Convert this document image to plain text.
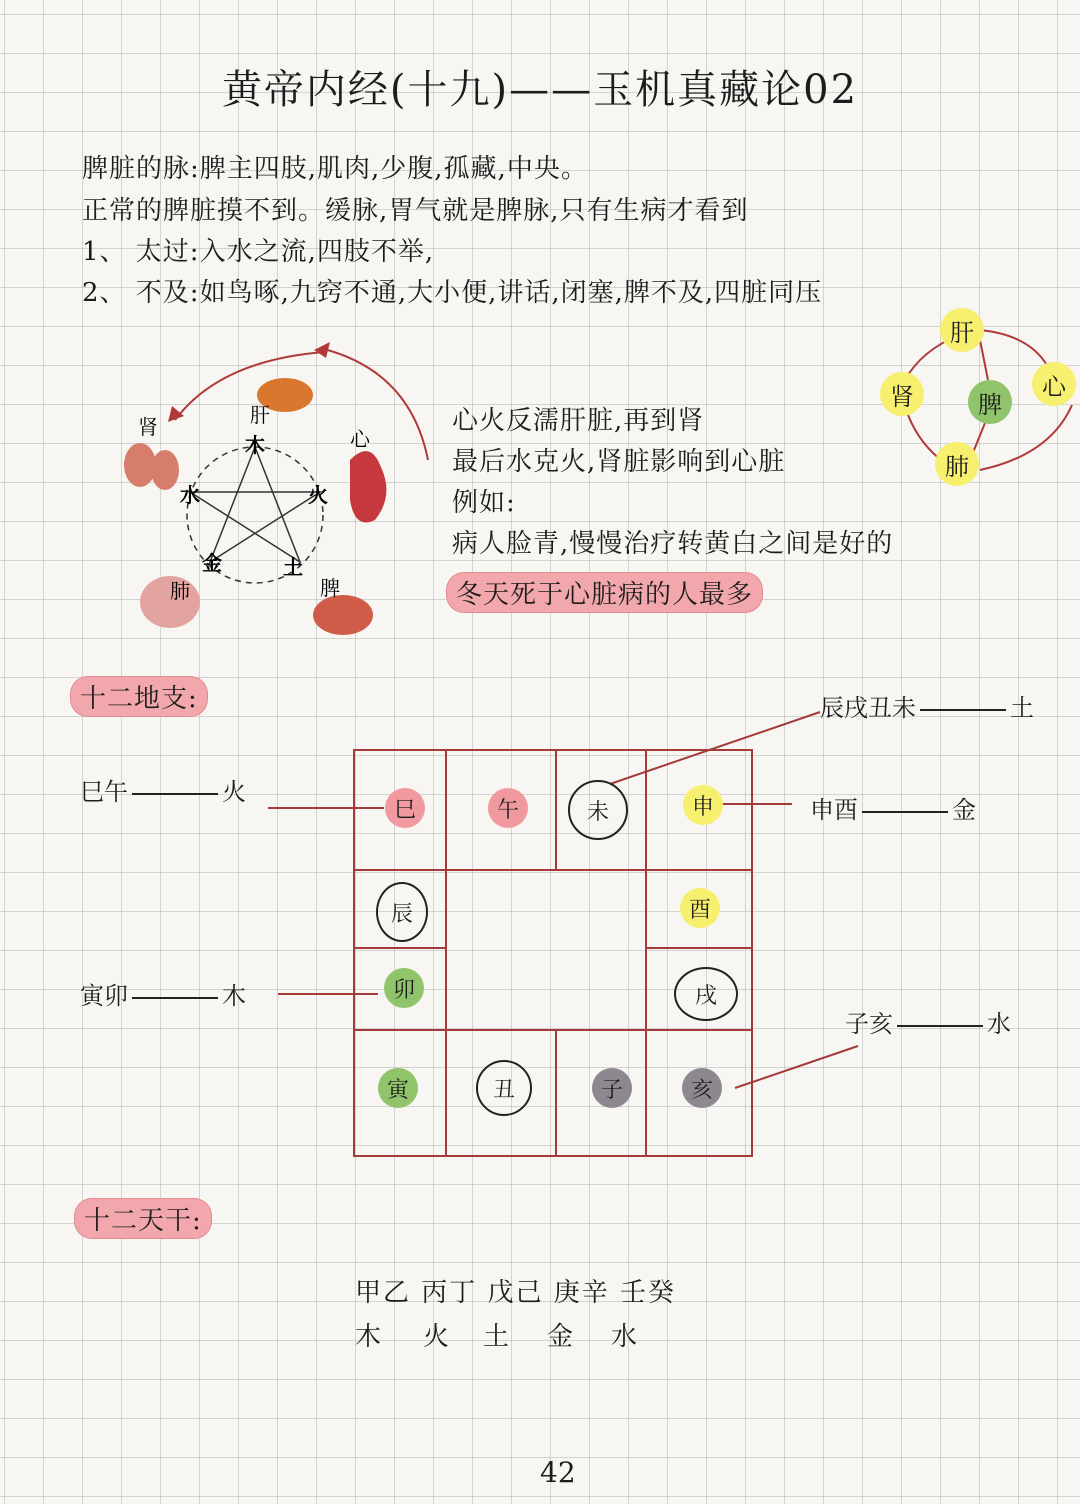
黄帝内经(十九)——玉机真藏论02
脾脏的脉:脾主四肢,肌肉,少腹,孤藏,中央。
正常的脾脏摸不到。缓脉,胃气就是脾脉,只有生病才看到
1、 太过:入水之流,四肢不举,
2、 不及:如鸟啄,九窍不通,大小便,讲话,闭塞,脾不及,四脏同压
肝
心
脾
肺
肾
木
火
土
金
水
肝
肾	脾
心
肺
心火反濡肝脏,再到肾
最后水克火,肾脏影响到心脏
例如:
病人脸青,慢慢治疗转黄白之间是好的
冬天死于心脏病的人最多
十二地支:
巳	午	未	申
辰	酉
卯	戌
寅	丑	子	亥
巳午	火
寅卯	木
辰戌丑未	土
申酉	金
子亥	水
十二天干:
甲乙 丙丁 戊己 庚辛 壬癸
木 火 土 金 水
42
